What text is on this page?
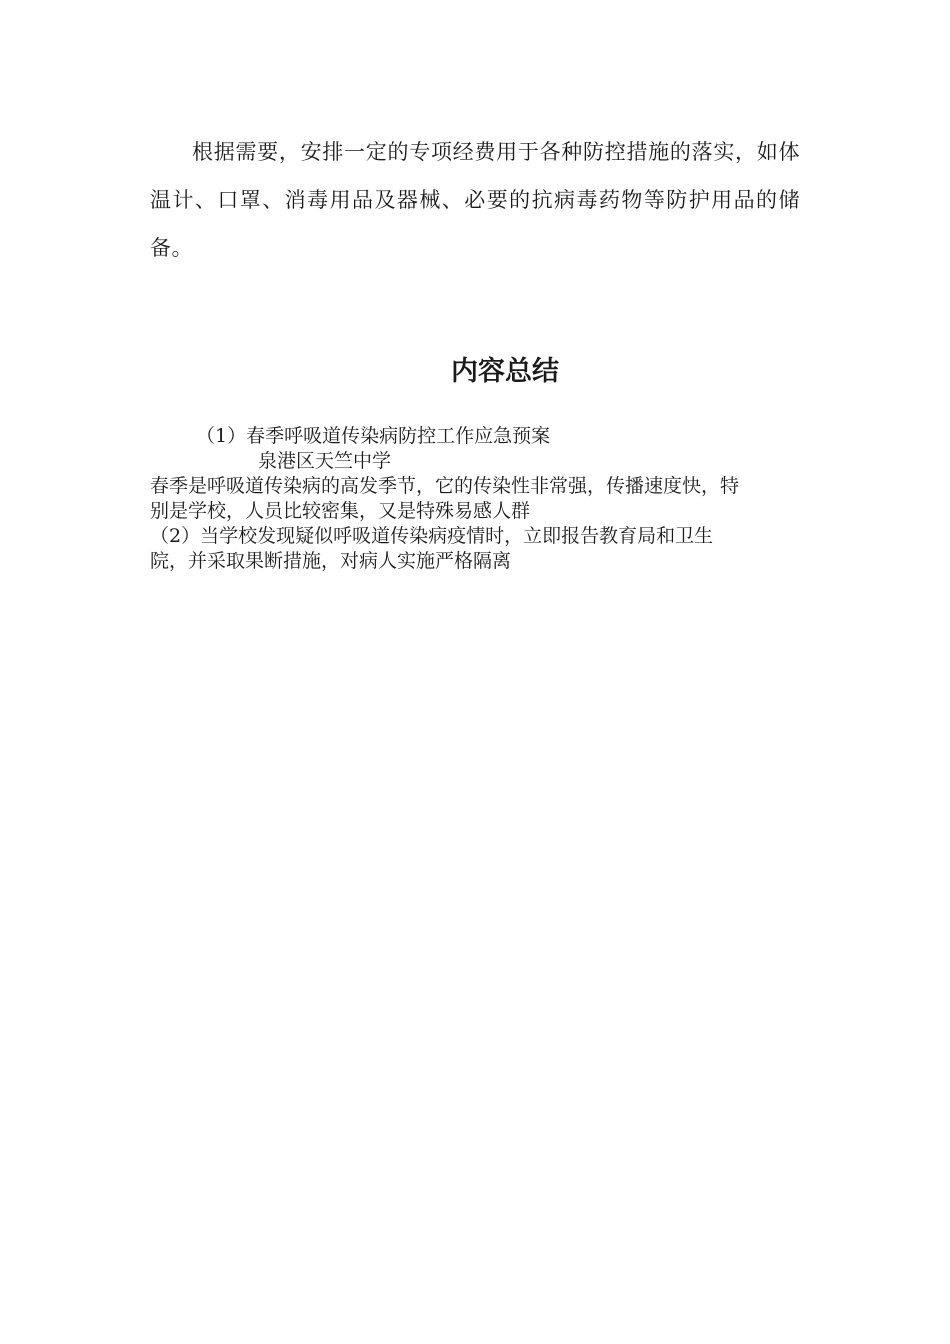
根据需要，安排一定的专项经费用于各种防控措施的落实，如体温计、口罩、消毒用品及器械、必要的抗病毒药物等防护用品的储备。

内容总结
（1）春季呼吸道传染病防控工作应急预案
泉港区天竺中学
春季是呼吸道传染病的高发季节，它的传染性非常强，传播速度快，特
别是学校，人员比较密集，又是特殊易感人群
（2）当学校发现疑似呼吸道传染病疫情时，立即报告教育局和卫生
院，并采取果断措施，对病人实施严格隔离
